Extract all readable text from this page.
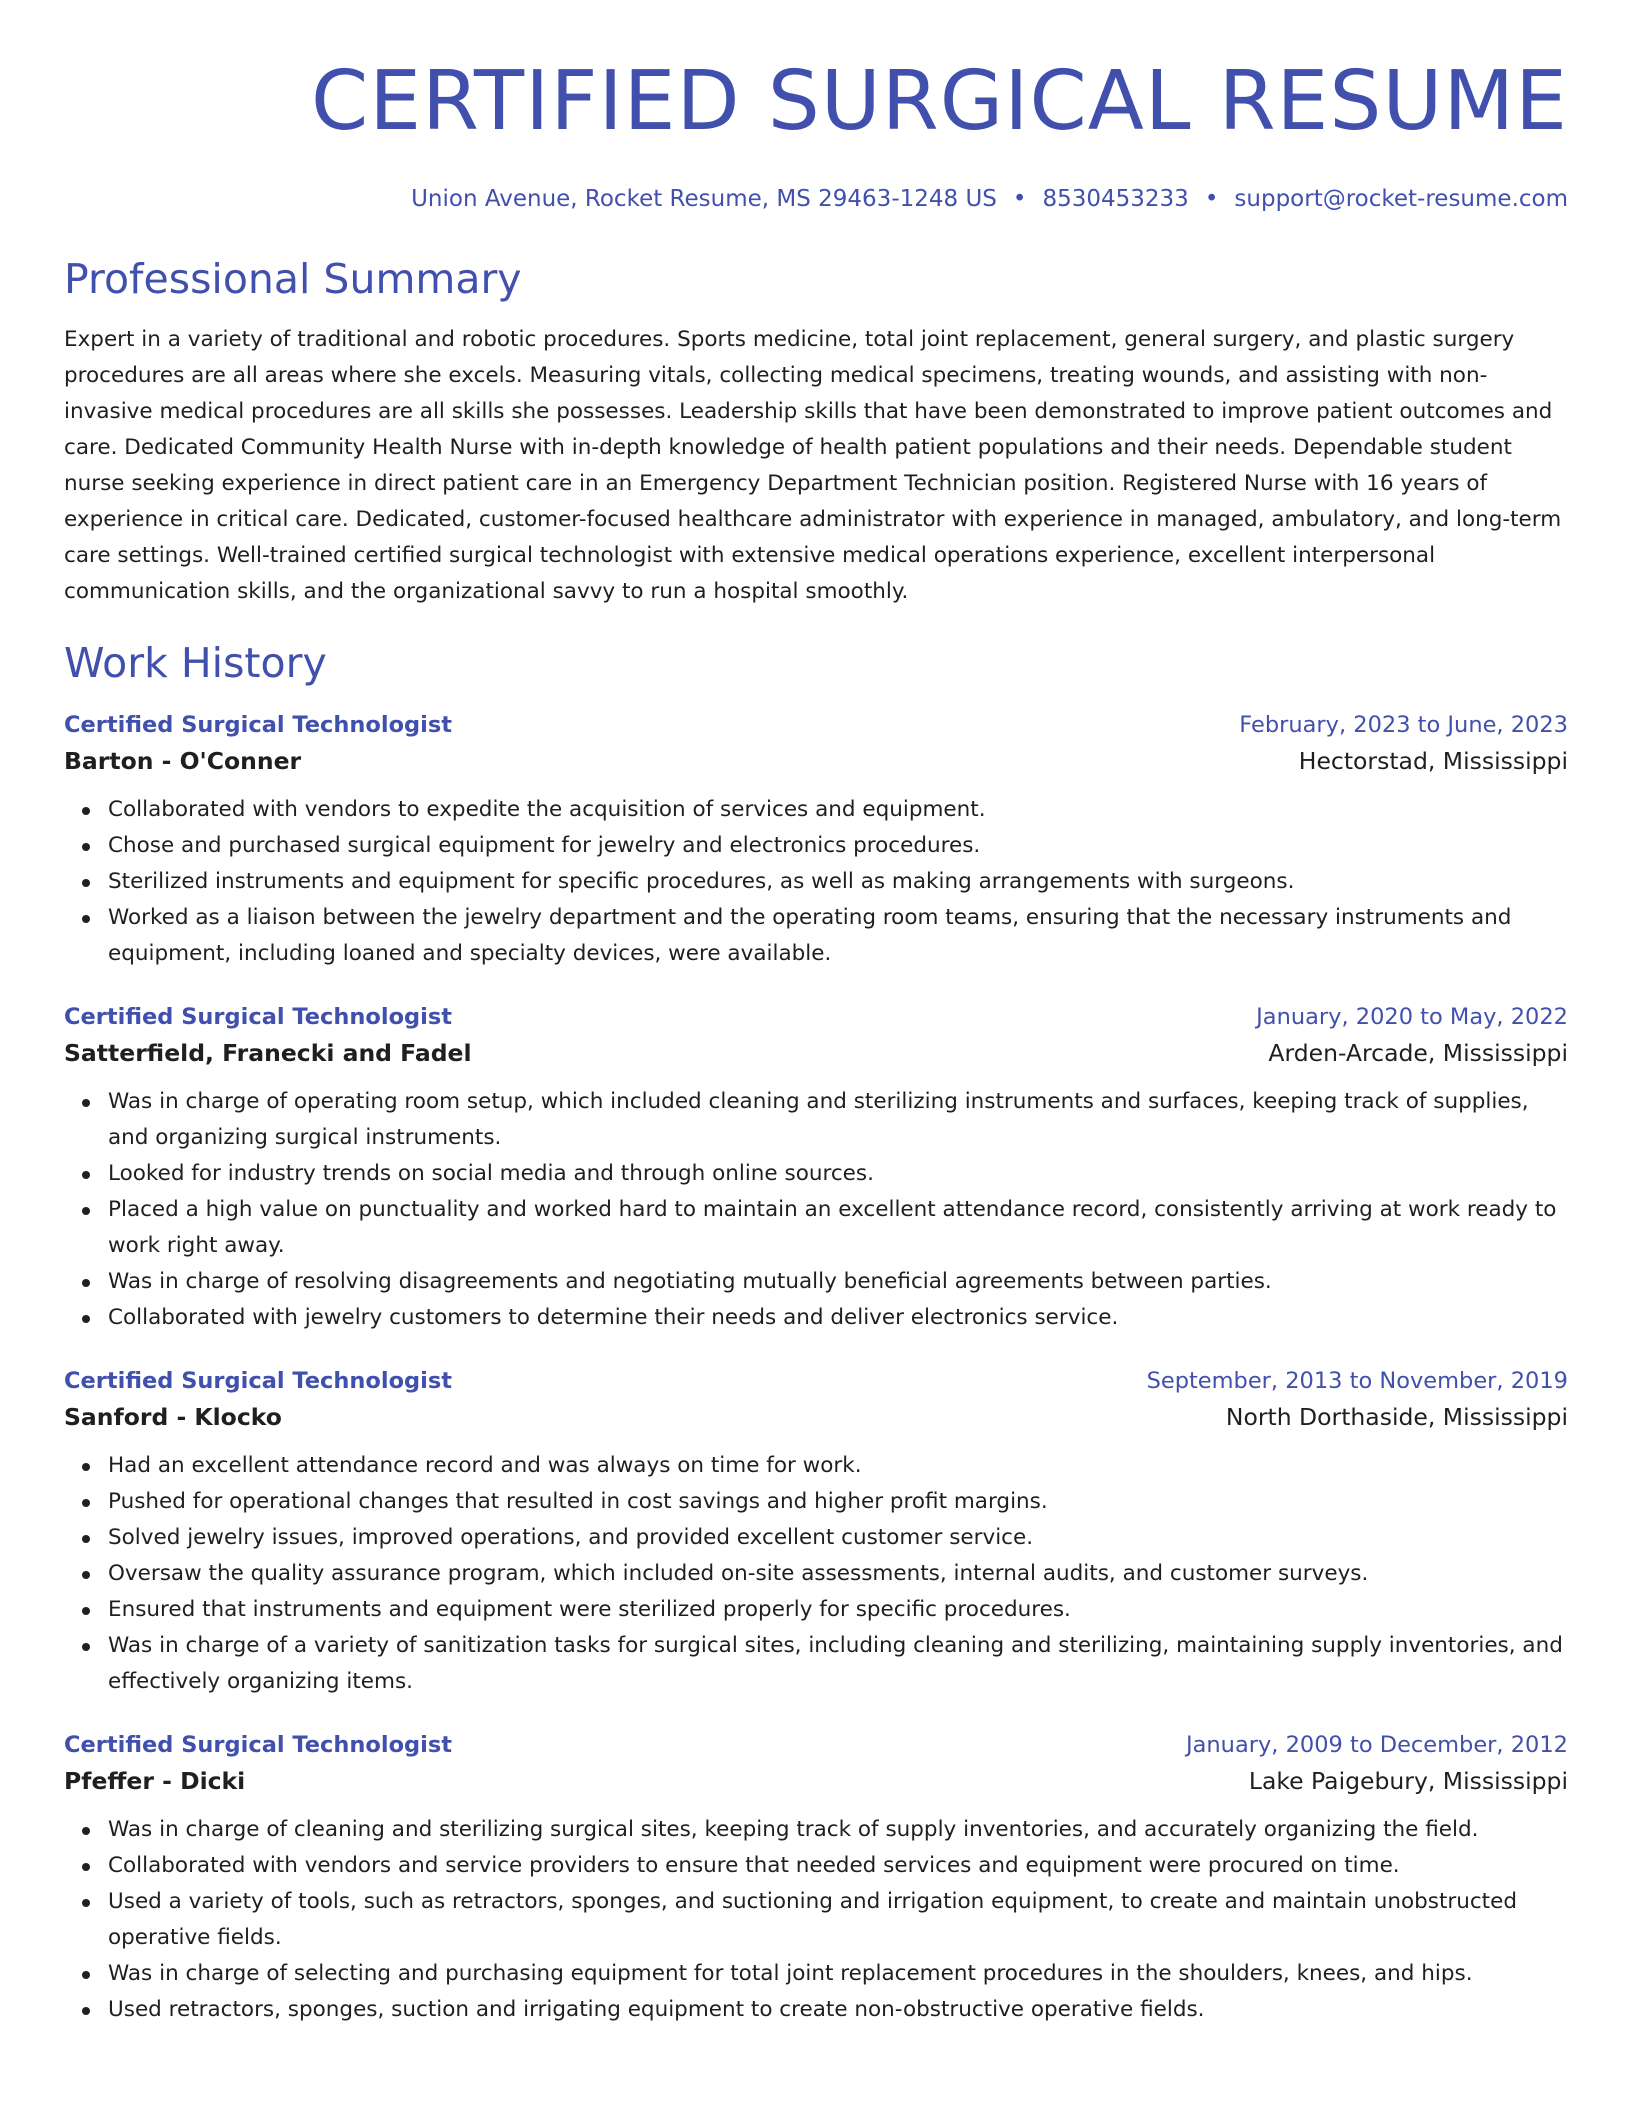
CERTIFIED SURGICAL RESUME
Union Avenue, Rocket Resume, MS 29463-1248 US • 8530453233 • support@rocket-resume.com
Professional Summary

Expert in a variety of traditional and robotic procedures. Sports medicine, total joint replacement, general surgery, and plastic surgery procedures are all areas where she excels. Measuring vitals, collecting medical specimens, treating wounds, and assisting with non-invasive medical procedures are all skills she possesses. Leadership skills that have been demonstrated to improve patient outcomes and care. Dedicated Community Health Nurse with in-depth knowledge of health patient populations and their needs. Dependable student nurse seeking experience in direct patient care in an Emergency Department Technician position. Registered Nurse with 16 years of experience in critical care. Dedicated, customer-focused healthcare administrator with experience in managed, ambulatory, and long-term care settings. Well-trained certified surgical technologist with extensive medical operations experience, excellent interpersonal communication skills, and the organizational savvy to run a hospital smoothly.

Work History
Certified Surgical Technologist	February, 2023 to June, 2023
Barton - O'Conner	Hectorstad, Mississippi
Collaborated with vendors to expedite the acquisition of services and equipment.
Chose and purchased surgical equipment for jewelry and electronics procedures.
Sterilized instruments and equipment for specific procedures, as well as making arrangements with surgeons.
Worked as a liaison between the jewelry department and the operating room teams, ensuring that the necessary instruments and equipment, including loaned and specialty devices, were available.
Certified Surgical Technologist	January, 2020 to May, 2022
Satterfield, Franecki and Fadel	Arden-Arcade, Mississippi
Was in charge of operating room setup, which included cleaning and sterilizing instruments and surfaces, keeping track of supplies, and organizing surgical instruments.
Looked for industry trends on social media and through online sources.
Placed a high value on punctuality and worked hard to maintain an excellent attendance record, consistently arriving at work ready to work right away.
Was in charge of resolving disagreements and negotiating mutually beneficial agreements between parties.
Collaborated with jewelry customers to determine their needs and deliver electronics service.
Certified Surgical Technologist	September, 2013 to November, 2019
Sanford - Klocko	North Dorthaside, Mississippi
Had an excellent attendance record and was always on time for work.
Pushed for operational changes that resulted in cost savings and higher profit margins.
Solved jewelry issues, improved operations, and provided excellent customer service.
Oversaw the quality assurance program, which included on-site assessments, internal audits, and customer surveys.
Ensured that instruments and equipment were sterilized properly for specific procedures.
Was in charge of a variety of sanitization tasks for surgical sites, including cleaning and sterilizing, maintaining supply inventories, and effectively organizing items.
Certified Surgical Technologist	January, 2009 to December, 2012
Pfeffer - Dicki	Lake Paigebury, Mississippi
Was in charge of cleaning and sterilizing surgical sites, keeping track of supply inventories, and accurately organizing the field.
Collaborated with vendors and service providers to ensure that needed services and equipment were procured on time.
Used a variety of tools, such as retractors, sponges, and suctioning and irrigation equipment, to create and maintain unobstructed operative fields.
Was in charge of selecting and purchasing equipment for total joint replacement procedures in the shoulders, knees, and hips.
Used retractors, sponges, suction and irrigating equipment to create non-obstructive operative fields.
